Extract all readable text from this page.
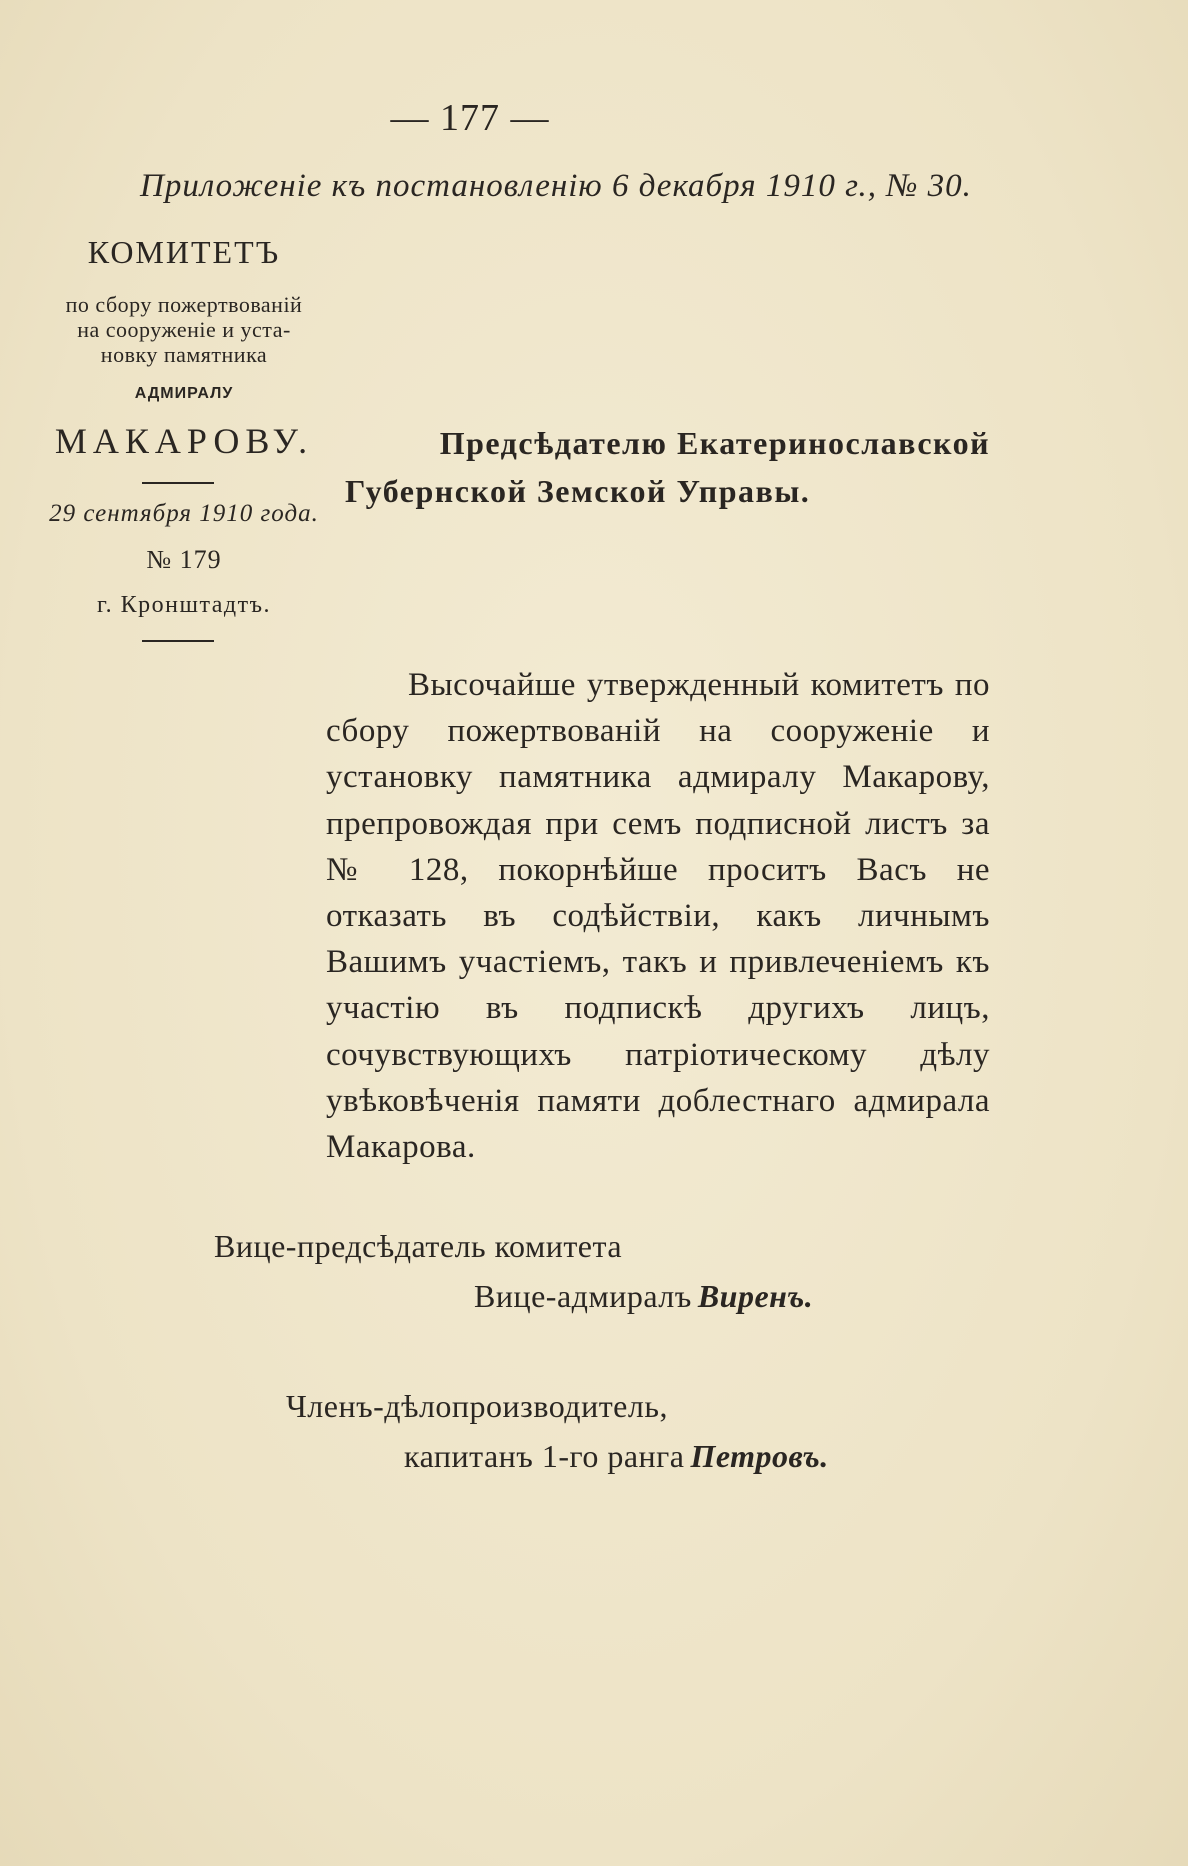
— 177 —

Приложенiе къ постановленiю 6 декабря 1910 г., № 30.

КОМИТЕТЪ

по сбору пожертвованiй
на сооруженiе и уста-
новку памятника

АДМИРАЛУ

МАКАРОВУ.

29 сентября 1910 года.

№ 179

г. Кронштадтъ.

Предсѣдателю Екатеринославской

Губернской Земской Управы.

Высочайше утвержденный комитетъ по сбору пожертвованiй на сооруженiе и установку памятника адмиралу Макарову, препровождая при семъ подписной листъ за № 128, покорнѣйше проситъ Васъ не отказать въ содѣйствiи, какъ личнымъ Вашимъ участiемъ, такъ и привлеченiемъ къ участiю въ подпискѣ другихъ лицъ, сочувствующихъ патрiотическому дѣлу увѣковѣченiя памяти доблестнаго адмирала Макарова.

Вице-предсѣдатель комитета

Вице-адмиралъ Виренъ.

Членъ-дѣлопроизводитель,

капитанъ 1-го ранга Петровъ.
